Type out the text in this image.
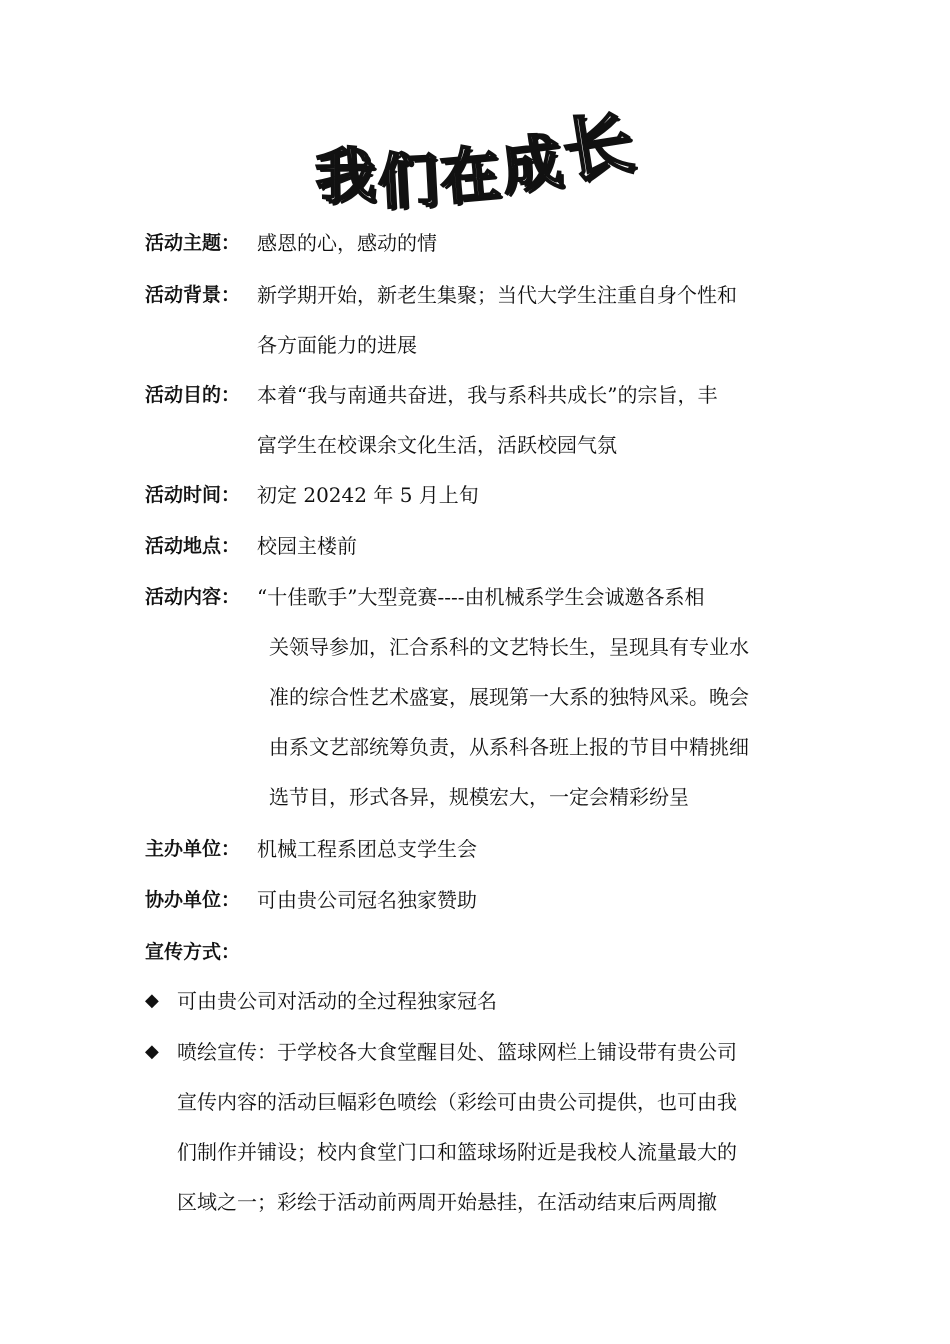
我们在成长
活动主题： 感恩的心，感动的情
活动背景： 新学期开始，新老生集聚；当代大学生注重自身个性和
各方面能力的进展
活动目的： 本着“我与南通共奋进，我与系科共成长”的宗旨，丰
富学生在校课余文化生活，活跃校园气氛
活动时间： 初定 20242 年 5 月上旬
活动地点： 校园主楼前
活动内容： “十佳歌手”大型竞赛----由机械系学生会诚邀各系相
关领导参加，汇合系科的文艺特长生，呈现具有专业水
准的综合性艺术盛宴，展现第一大系的独特风采。晚会
由系文艺部统筹负责，从系科各班上报的节目中精挑细
选节目，形式各异，规模宏大，一定会精彩纷呈
主办单位： 机械工程系团总支学生会
协办单位： 可由贵公司冠名独家赞助
宣传方式：
◆ 可由贵公司对活动的全过程独家冠名
◆ 喷绘宣传：于学校各大食堂醒目处、篮球网栏上铺设带有贵公司
宣传内容的活动巨幅彩色喷绘（彩绘可由贵公司提供，也可由我
们制作并铺设；校内食堂门口和篮球场附近是我校人流量最大的
区域之一；彩绘于活动前两周开始悬挂，在活动结束后两周撤
